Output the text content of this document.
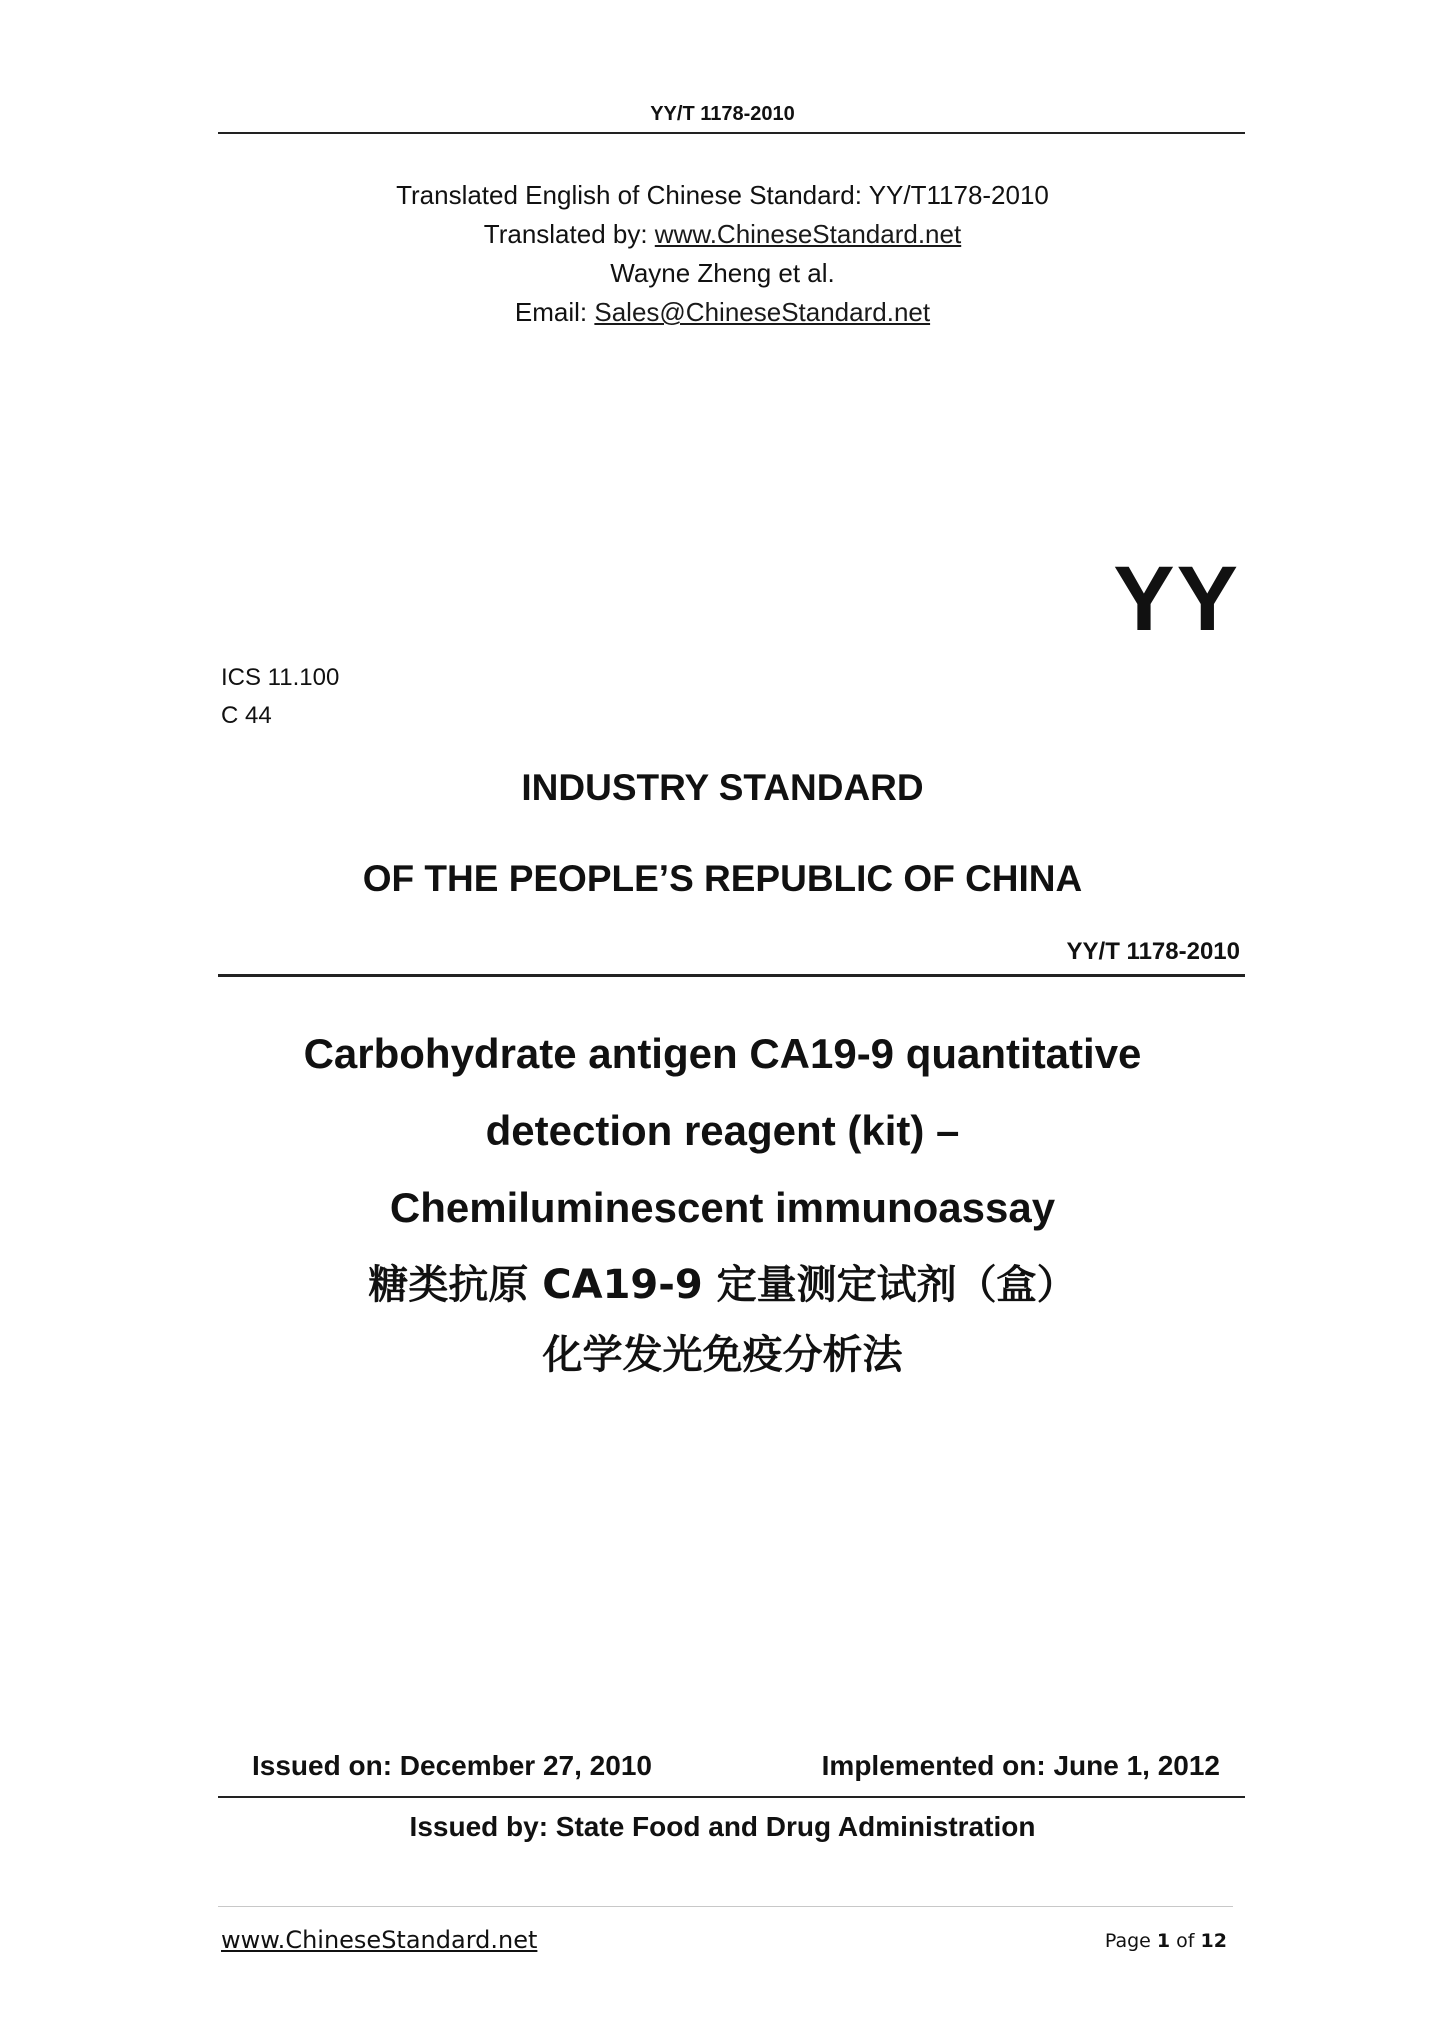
YY/T 1178-2010
Translated English of Chinese Standard: YY/T1178-2010
Translated by: www.ChineseStandard.net
Wayne Zheng et al.
Email: Sales@ChineseStandard.net
YY
ICS 11.100
C 44
INDUSTRY STANDARD
OF THE PEOPLE’S REPUBLIC OF CHINA
YY/T 1178-2010
Carbohydrate antigen CA19-9 quantitative
detection reagent (kit) –
Chemiluminescent immunoassay
糖类抗原 CA19-9 定量测定试剂（盒）
化学发光免疫分析法
Issued on: December 27, 2010	Implemented on: June 1, 2012
Issued by: State Food and Drug Administration
www.ChineseStandard.net	Page 1 of 12
